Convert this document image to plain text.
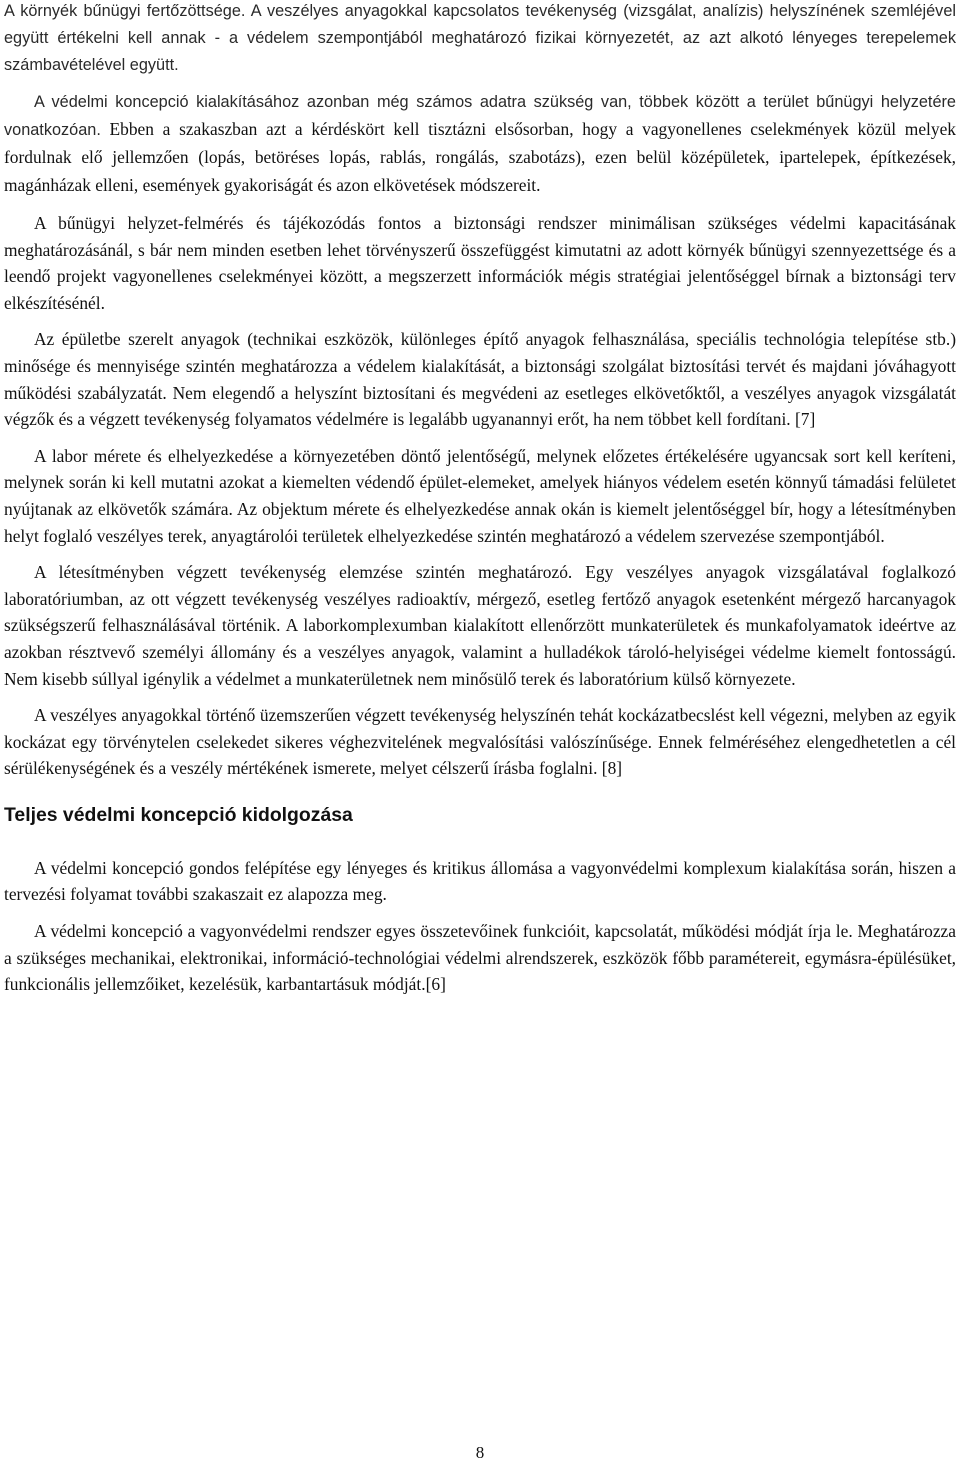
A környék bűnügyi fertőzöttsége. A veszélyes anyagokkal kapcsolatos tevékenység (vizsgálat, analízis) helyszínének szemléjével együtt értékelni kell annak - a védelem szempontjából meghatározó fizikai környezetét, az azt alkotó lényeges terepelemek számbavételével együtt.

A védelmi koncepció kialakításához azonban még számos adatra szükség van, többek között a terület bűnügyi helyzetére vonatkozóan. Ebben a szakaszban azt a kérdéskört kell tisztázni elsősorban, hogy a vagyonellenes cselekmények közül melyek fordulnak elő jellemzően (lopás, betöréses lopás, rablás, rongálás, szabotázs), ezen belül középületek, ipartelepek, építkezések, magánházak elleni, események gyakoriságát és azon elkövetések módszereit.

A bűnügyi helyzet-felmérés és tájékozódás fontos a biztonsági rendszer minimálisan szükséges védelmi kapacitásának meghatározásánál, s bár nem minden esetben lehet törvényszerű összefüggést kimutatni az adott környék bűnügyi szennyezettsége és a leendő projekt vagyonellenes cselekményei között, a megszerzett információk mégis stratégiai jelentőséggel bírnak a biztonsági terv elkészítésénél.

Az épületbe szerelt anyagok (technikai eszközök, különleges építő anyagok felhasználása, speciális technológia telepítése stb.) minősége és mennyisége szintén meghatározza a védelem kialakítását, a biztonsági szolgálat biztosítási tervét és majdani jóváhagyott működési szabályzatát. Nem elegendő a helyszínt biztosítani és megvédeni az esetleges elkövetőktől, a veszélyes anyagok vizsgálatát végzők és a végzett tevékenység folyamatos védelmére is legalább ugyanannyi erőt, ha nem többet kell fordítani. [7]

A labor mérete és elhelyezkedése a környezetében döntő jelentőségű, melynek előzetes értékelésére ugyancsak sort kell keríteni, melynek során ki kell mutatni azokat a kiemelten védendő épület-elemeket, amelyek hiányos védelem esetén könnyű támadási felületet nyújtanak az elkövetők számára. Az objektum mérete és elhelyezkedése annak okán is kiemelt jelentőséggel bír, hogy a létesítményben helyt foglaló veszélyes terek, anyagtárolói területek elhelyezkedése szintén meghatározó a védelem szervezése szempontjából.

A létesítményben végzett tevékenység elemzése szintén meghatározó. Egy veszélyes anyagok vizsgálatával foglalkozó laboratóriumban, az ott végzett tevékenység veszélyes radioaktív, mérgező, esetleg fertőző anyagok esetenként mérgező harcanyagok szükségszerű felhasználásával történik. A laborkomplexumban kialakított ellenőrzött munkaterületek és munkafolyamatok ideértve az azokban résztvevő személyi állomány és a veszélyes anyagok, valamint a hulladékok tároló-helyiségei védelme kiemelt fontosságú. Nem kisebb súllyal igénylik a védelmet a munkaterületnek nem minősülő terek és laboratórium külső környezete.

A veszélyes anyagokkal történő üzemszerűen végzett tevékenység helyszínén tehát kockázatbecslést kell végezni, melyben az egyik kockázat egy törvénytelen cselekedet sikeres véghezvitelének megvalósítási valószínűsége. Ennek felméréséhez elengedhetetlen a cél sérülékenységének és a veszély mértékének ismerete, melyet célszerű írásba foglalni. [8]

Teljes védelmi koncepció kidolgozása

A védelmi koncepció gondos felépítése egy lényeges és kritikus állomása a vagyonvédelmi komplexum kialakítása során, hiszen a tervezési folyamat további szakaszait ez alapozza meg.

A védelmi koncepció a vagyonvédelmi rendszer egyes összetevőinek funkcióit, kapcsolatát, működési módját írja le. Meghatározza a szükséges mechanikai, elektronikai, információ-technológiai védelmi alrendszerek, eszközök főbb paramétereit, egymásra-épülésüket, funkcionális jellemzőiket, kezelésük, karbantartásuk módját.[6]

8
